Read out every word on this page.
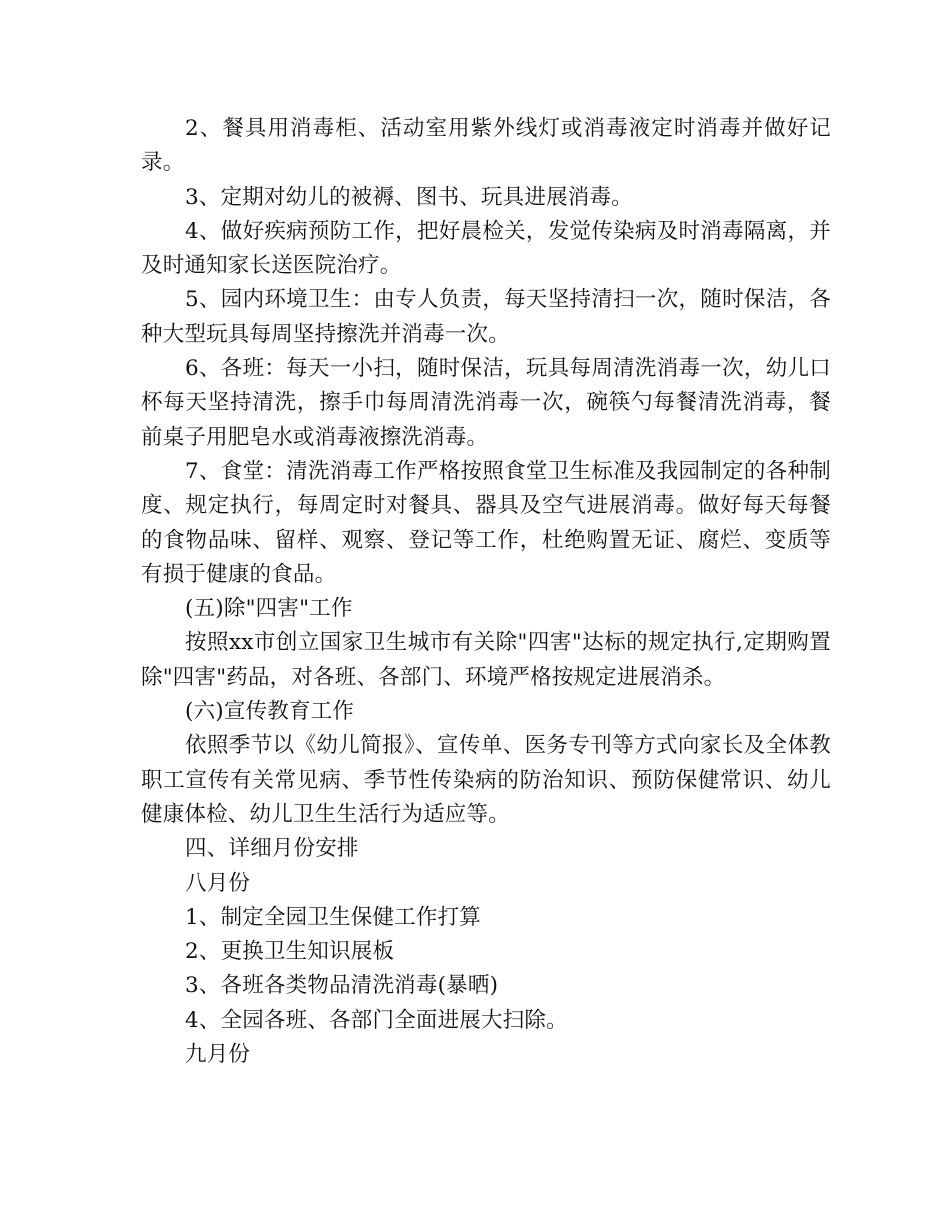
2、餐具用消毒柜、活动室用紫外线灯或消毒液定时消毒并做好记录。

3、定期对幼儿的被褥、图书、玩具进展消毒。

4、做好疾病预防工作，把好晨检关，发觉传染病及时消毒隔离，并及时通知家长送医院治疗。

5、园内环境卫生：由专人负责，每天坚持清扫一次，随时保洁，各种大型玩具每周坚持擦洗并消毒一次。

6、各班：每天一小扫，随时保洁，玩具每周清洗消毒一次，幼儿口杯每天坚持清洗，擦手巾每周清洗消毒一次，碗筷勺每餐清洗消毒，餐前桌子用肥皂水或消毒液擦洗消毒。

7、食堂：清洗消毒工作严格按照食堂卫生标准及我园制定的各种制度、规定执行，每周定时对餐具、器具及空气进展消毒。做好每天每餐的食物品味、留样、观察、登记等工作，杜绝购置无证、腐烂、变质等有损于健康的食品。

(五)除"四害"工作

按照xx市创立国家卫生城市有关除"四害"达标的规定执行,定期购置除"四害"药品，对各班、各部门、环境严格按规定进展消杀。

(六)宣传教育工作

依照季节以《幼儿简报》、宣传单、医务专刊等方式向家长及全体教职工宣传有关常见病、季节性传染病的防治知识、预防保健常识、幼儿健康体检、幼儿卫生生活行为适应等。

四、详细月份安排

八月份

1、制定全园卫生保健工作打算

2、更换卫生知识展板

3、各班各类物品清洗消毒(暴晒)

4、全园各班、各部门全面进展大扫除。

九月份
